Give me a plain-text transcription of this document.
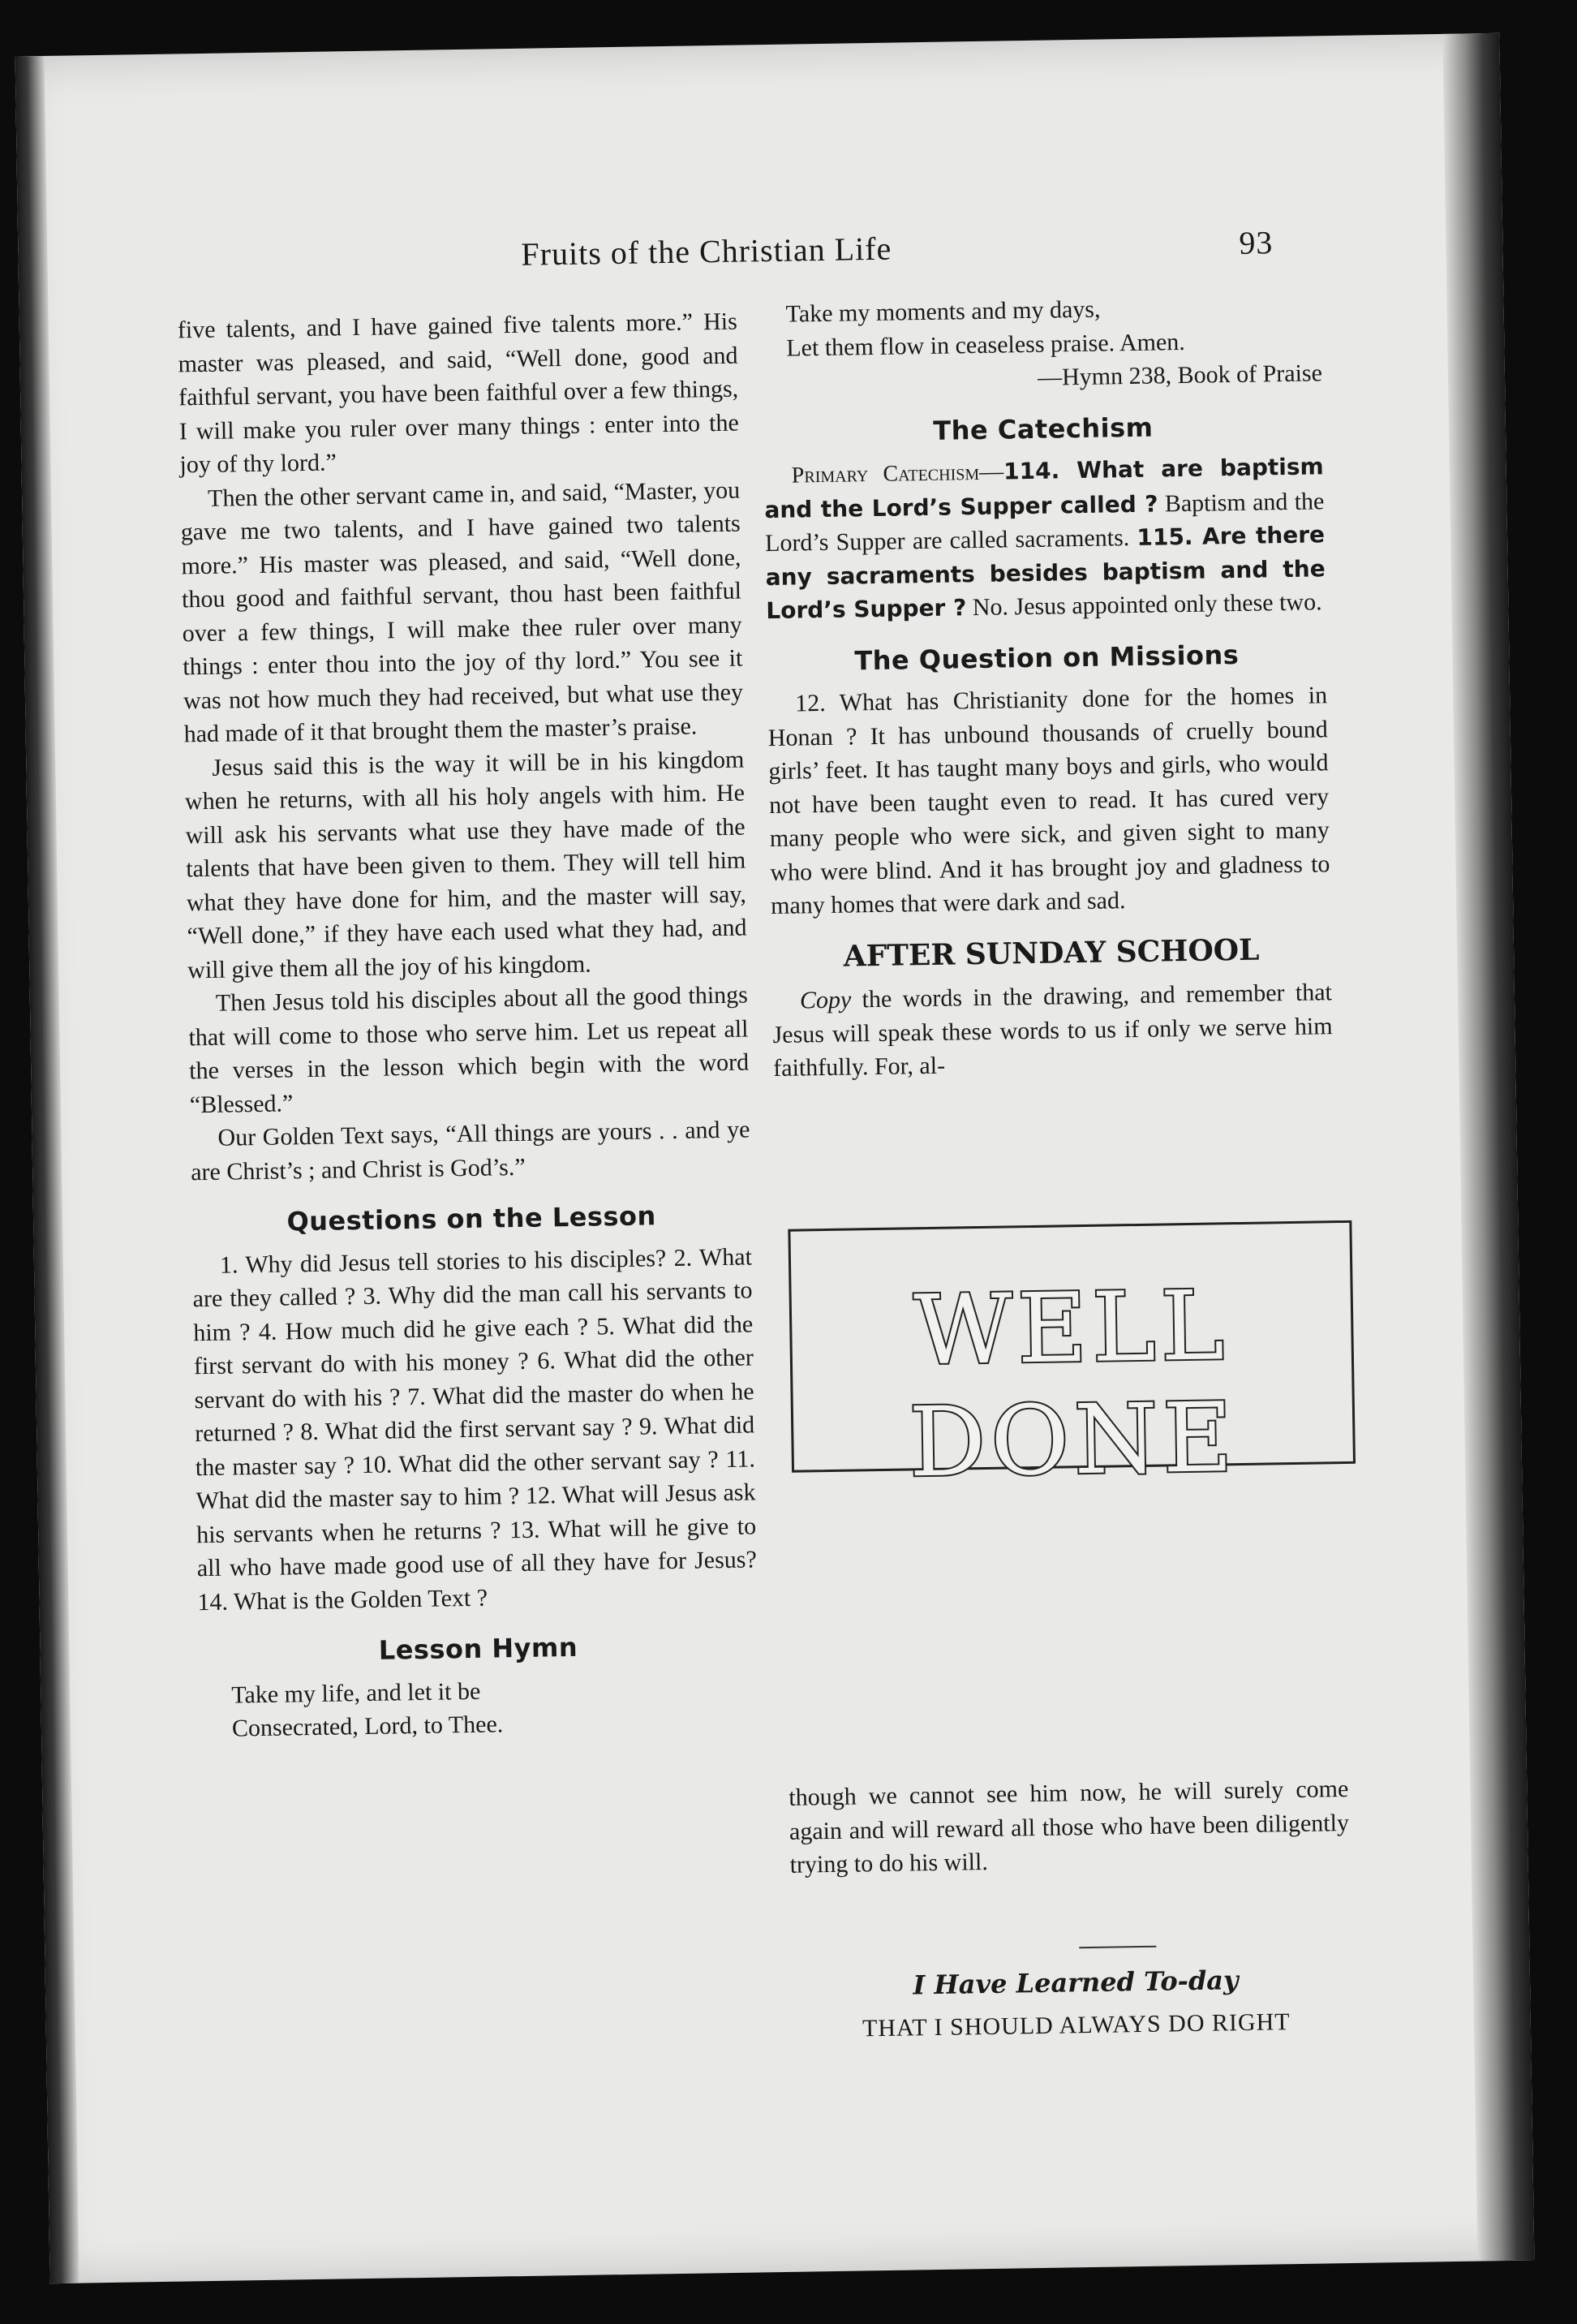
Fruits of the Christian Life	93

five talents, and I have gained five talents more.” His master was pleased, and said, “Well done, good and faithful servant, you have been faithful over a few things, I will make you ruler over many things : enter into the joy of thy lord.”

Then the other servant came in, and said, “Master, you gave me two talents, and I have gained two talents more.” His master was pleased, and said, “Well done, thou good and faithful servant, thou hast been faithful over a few things, I will make thee ruler over many things : enter thou into the joy of thy lord.” You see it was not how much they had received, but what use they had made of it that brought them the master’s praise.

Jesus said this is the way it will be in his kingdom when he returns, with all his holy angels with him. He will ask his servants what use they have made of the talents that have been given to them. They will tell him what they have done for him, and the master will say, “Well done,” if they have each used what they had, and will give them all the joy of his kingdom.

Then Jesus told his disciples about all the good things that will come to those who serve him. Let us repeat all the verses in the lesson which begin with the word “Blessed.”

Our Golden Text says, “All things are yours . . and ye are Christ’s ; and Christ is God’s.”

Questions on the Lesson

1. Why did Jesus tell stories to his disciples? 2. What are they called ? 3. Why did the man call his servants to him ? 4. How much did he give each ? 5. What did the first servant do with his money ? 6. What did the other servant do with his ? 7. What did the master do when he returned ? 8. What did the first servant say ? 9. What did the master say ? 10. What did the other servant say ? 11. What did the master say to him ? 12. What will Jesus ask his servants when he returns ? 13. What will he give to all who have made good use of all they have for Jesus? 14. What is the Golden Text ?

Lesson Hymn
Take my life, and let it be
Consecrated, Lord, to Thee.
Take my moments and my days,
Let them flow in ceaseless praise. Amen.
—Hymn 238, Book of Praise
The Catechism

Primary Catechism—114. What are baptism and the Lord’s Supper called ? Baptism and the Lord’s Supper are called sacraments. 115. Are there any sacraments besides baptism and the Lord’s Supper ? No. Jesus appointed only these two.

The Question on Missions

12. What has Christianity done for the homes in Honan ? It has unbound thousands of cruelly bound girls’ feet. It has taught many boys and girls, who would not have been taught even to read. It has cured very many people who were sick, and given sight to many who were blind. And it has brought joy and gladness to many homes that were dark and sad.

AFTER SUNDAY SCHOOL

Copy the words in the drawing, and remember that Jesus will speak these words to us if only we serve him faithfully. For, al-

WELL DONE

though we cannot see him now, he will surely come again and will reward all those who have been diligently trying to do his will.

I Have Learned To-day
THAT I SHOULD ALWAYS DO RIGHT
